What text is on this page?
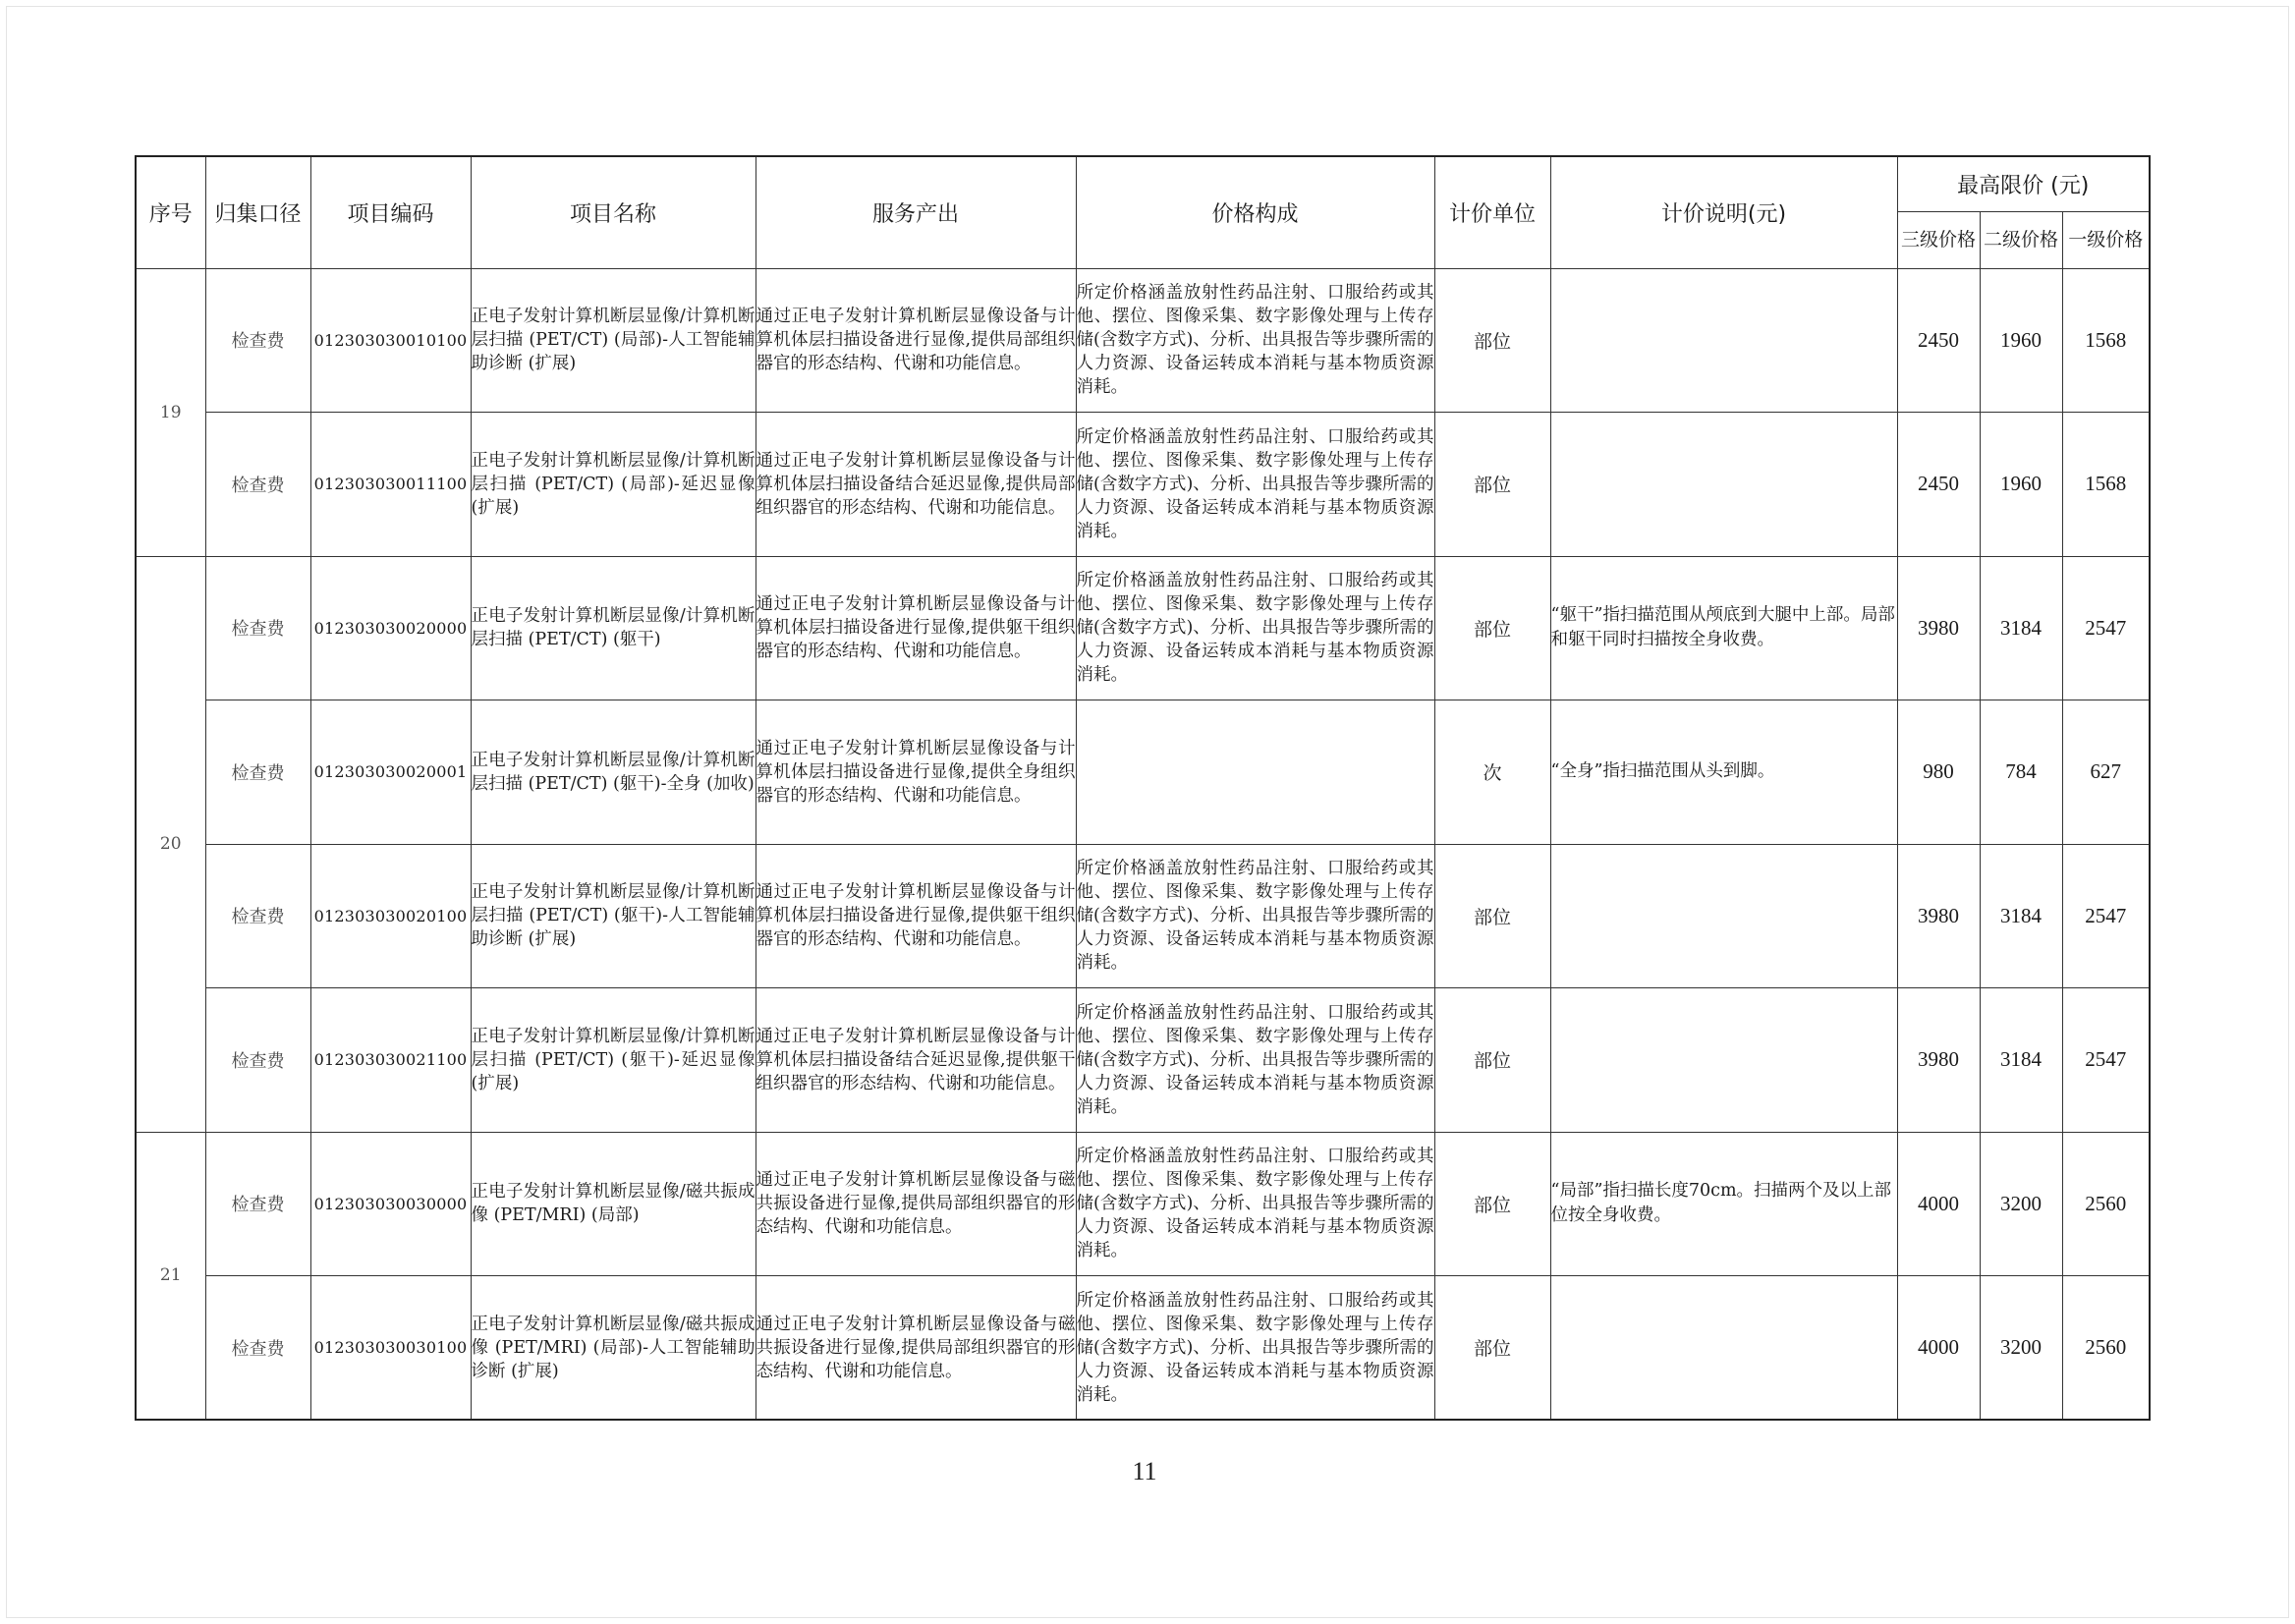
序号	归集口径	项目编码	项目名称	服务产出	价格构成	计价单位	计价说明(元)	最高限价 (元)		
								三级价格	二级价格	一级价格
19	检查费	012303030010100	正电子发射计算机断层显像/计算机断层扫描 (PET/CT) (局部)-人工智能辅助诊断 (扩展)	通过正电子发射计算机断层显像设备与计算机体层扫描设备进行显像,提供局部组织器官的形态结构、代谢和功能信息。	所定价格涵盖放射性药品注射、口服给药或其他、摆位、图像采集、数字影像处理与上传存储(含数字方式)、分析、出具报告等步骤所需的人力资源、设备运转成本消耗与基本物质资源消耗。	部位		2450	1960	1568
	检查费	012303030011100	正电子发射计算机断层显像/计算机断层扫描 (PET/CT) (局部)-延迟显像 (扩展)	通过正电子发射计算机断层显像设备与计算机体层扫描设备结合延迟显像,提供局部组织器官的形态结构、代谢和功能信息。	所定价格涵盖放射性药品注射、口服给药或其他、摆位、图像采集、数字影像处理与上传存储(含数字方式)、分析、出具报告等步骤所需的人力资源、设备运转成本消耗与基本物质资源消耗。	部位		2450	1960	1568
20	检查费	012303030020000	正电子发射计算机断层显像/计算机断层扫描 (PET/CT) (躯干)	通过正电子发射计算机断层显像设备与计算机体层扫描设备进行显像,提供躯干组织器官的形态结构、代谢和功能信息。	所定价格涵盖放射性药品注射、口服给药或其他、摆位、图像采集、数字影像处理与上传存储(含数字方式)、分析、出具报告等步骤所需的人力资源、设备运转成本消耗与基本物质资源消耗。	部位	“躯干”指扫描范围从颅底到大腿中上部。局部和躯干同时扫描按全身收费。	3980	3184	2547
	检查费	012303030020001	正电子发射计算机断层显像/计算机断层扫描 (PET/CT) (躯干)-全身 (加收)	通过正电子发射计算机断层显像设备与计算机体层扫描设备进行显像,提供全身组织器官的形态结构、代谢和功能信息。		次	“全身”指扫描范围从头到脚。	980	784	627
	检查费	012303030020100	正电子发射计算机断层显像/计算机断层扫描 (PET/CT) (躯干)-人工智能辅助诊断 (扩展)	通过正电子发射计算机断层显像设备与计算机体层扫描设备进行显像,提供躯干组织器官的形态结构、代谢和功能信息。	所定价格涵盖放射性药品注射、口服给药或其他、摆位、图像采集、数字影像处理与上传存储(含数字方式)、分析、出具报告等步骤所需的人力资源、设备运转成本消耗与基本物质资源消耗。	部位		3980	3184	2547
	检查费	012303030021100	正电子发射计算机断层显像/计算机断层扫描 (PET/CT) (躯干)-延迟显像 (扩展)	通过正电子发射计算机断层显像设备与计算机体层扫描设备结合延迟显像,提供躯干组织器官的形态结构、代谢和功能信息。	所定价格涵盖放射性药品注射、口服给药或其他、摆位、图像采集、数字影像处理与上传存储(含数字方式)、分析、出具报告等步骤所需的人力资源、设备运转成本消耗与基本物质资源消耗。	部位		3980	3184	2547
21	检查费	012303030030000	正电子发射计算机断层显像/磁共振成像 (PET/MRI) (局部)	通过正电子发射计算机断层显像设备与磁共振设备进行显像,提供局部组织器官的形态结构、代谢和功能信息。	所定价格涵盖放射性药品注射、口服给药或其他、摆位、图像采集、数字影像处理与上传存储(含数字方式)、分析、出具报告等步骤所需的人力资源、设备运转成本消耗与基本物质资源消耗。	部位	“局部”指扫描长度70cm。扫描两个及以上部位按全身收费。	4000	3200	2560
	检查费	012303030030100	正电子发射计算机断层显像/磁共振成像 (PET/MRI) (局部)-人工智能辅助诊断 (扩展)	通过正电子发射计算机断层显像设备与磁共振设备进行显像,提供局部组织器官的形态结构、代谢和功能信息。	所定价格涵盖放射性药品注射、口服给药或其他、摆位、图像采集、数字影像处理与上传存储(含数字方式)、分析、出具报告等步骤所需的人力资源、设备运转成本消耗与基本物质资源消耗。	部位		4000	3200	2560
11
